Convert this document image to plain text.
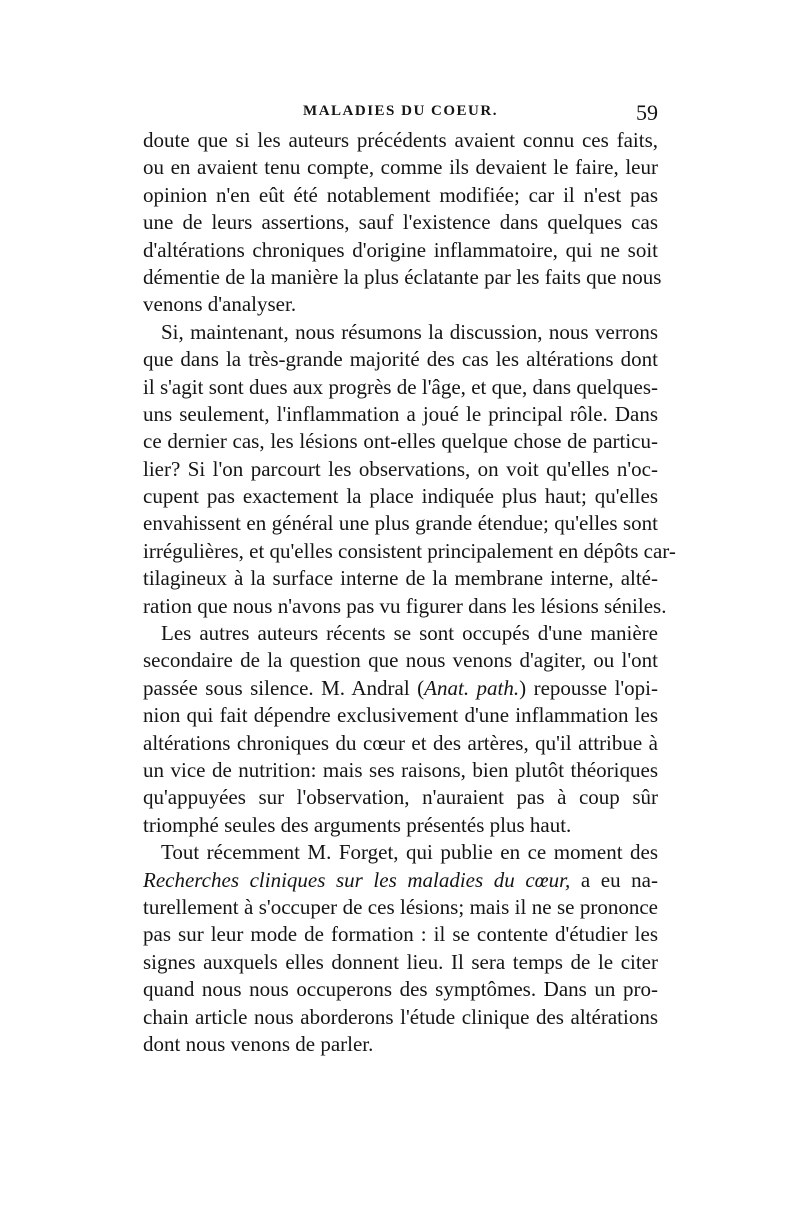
MALADIES DU COEUR.	59
doute que si les auteurs précédents avaient connu ces faits,
ou en avaient tenu compte, comme ils devaient le faire, leur
opinion n'en eût été notablement modifiée; car il n'est pas
une de leurs assertions, sauf l'existence dans quelques cas
d'altérations chroniques d'origine inflammatoire, qui ne soit
démentie de la manière la plus éclatante par les faits que nous
venons d'analyser.
Si, maintenant, nous résumons la discussion, nous verrons
que dans la très-grande majorité des cas les altérations dont
il s'agit sont dues aux progrès de l'âge, et que, dans quelques-
uns seulement, l'inflammation a joué le principal rôle. Dans
ce dernier cas, les lésions ont-elles quelque chose de particu-
lier? Si l'on parcourt les observations, on voit qu'elles n'oc-
cupent pas exactement la place indiquée plus haut; qu'elles
envahissent en général une plus grande étendue; qu'elles sont
irrégulières, et qu'elles consistent principalement en dépôts car-
tilagineux à la surface interne de la membrane interne, alté-
ration que nous n'avons pas vu figurer dans les lésions séniles.
Les autres auteurs récents se sont occupés d'une manière
secondaire de la question que nous venons d'agiter, ou l'ont
passée sous silence. M. Andral (Anat. path.) repousse l'opi-
nion qui fait dépendre exclusivement d'une inflammation les
altérations chroniques du cœur et des artères, qu'il attribue à
un vice de nutrition: mais ses raisons, bien plutôt théoriques
qu'appuyées sur l'observation, n'auraient pas à coup sûr
triomphé seules des arguments présentés plus haut.
Tout récemment M. Forget, qui publie en ce moment des
Recherches cliniques sur les maladies du cœur, a eu na-
turellement à s'occuper de ces lésions; mais il ne se prononce
pas sur leur mode de formation : il se contente d'étudier les
signes auxquels elles donnent lieu. Il sera temps de le citer
quand nous nous occuperons des symptômes. Dans un pro-
chain article nous aborderons l'étude clinique des altérations
dont nous venons de parler.
